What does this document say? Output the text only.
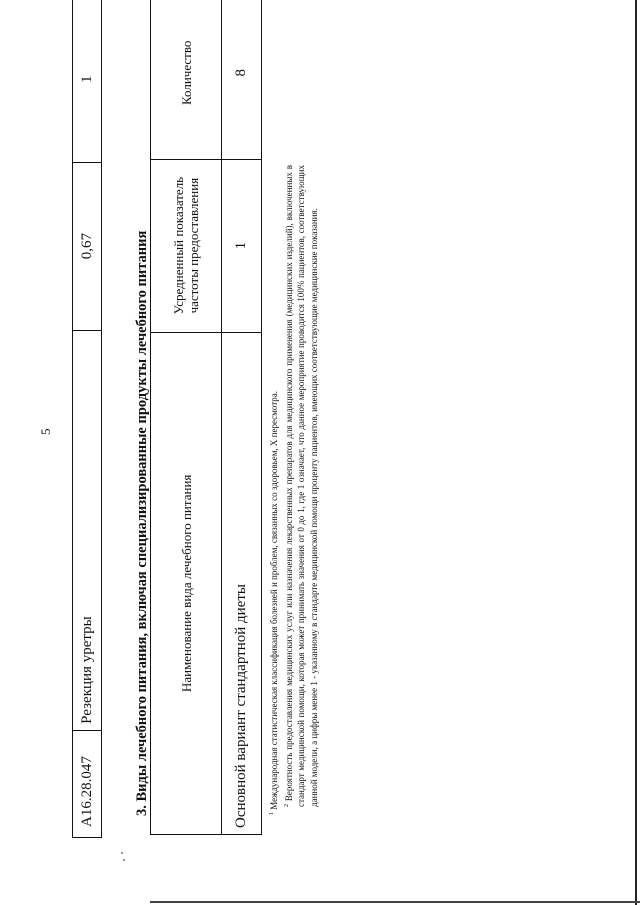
5
A16.28.047	Резекция уретры	0,67	1
3. Виды лечебного питания, включая специализированные продукты лечебного питания Наименование вида лечебного питания	Усредненный показатель частоты предоставления	Количество
Основной вариант стандартной диеты	1	8

$^1$ Международная статистическая классификация болезней и проблем, связанных со здоровьем, X пересмотра. $^2$ Вероятность предоставления медицинских услуг или назначения лекарственных препаратов для медицинского применения (медицинских изделий), включенных в стандарт медицинской помощи, которая может принимать значения от 0 до 1, где 1 означает, что данное мероприятие проводится 100% пациентов, соответствующих данной модели, а цифры менее 1 - указанному в стандарте медицинской помощи проценту пациентов, имеющих соответствующие медицинские показания.
